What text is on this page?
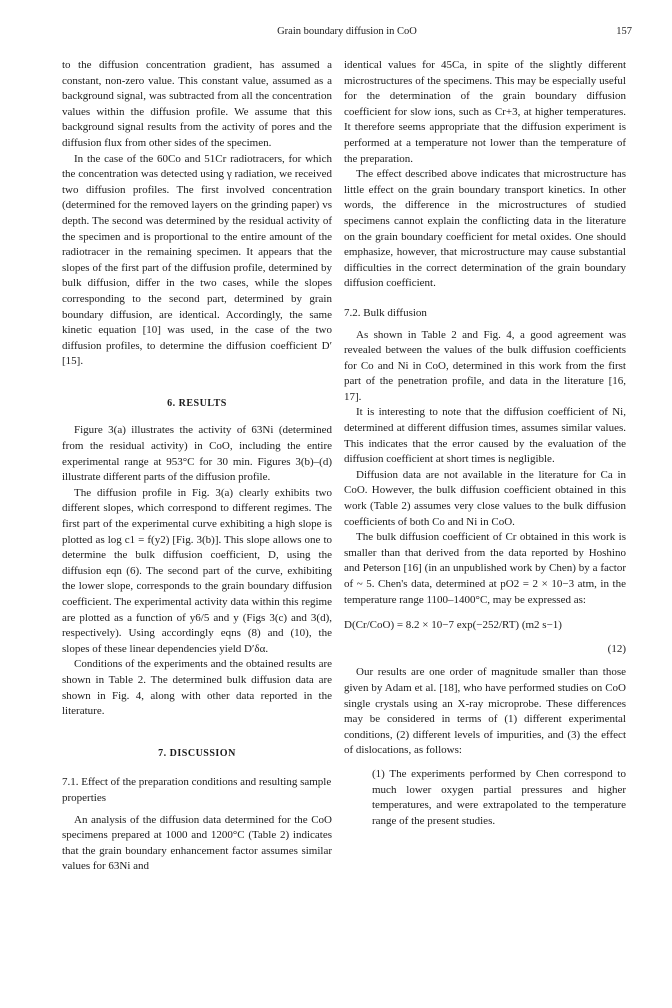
Grain boundary diffusion in CoO	157

to the diffusion concentration gradient, has assumed a constant, non-zero value. This constant value, assumed as a background signal, was subtracted from all the concentration values within the diffusion profile. We assume that this background signal results from the activity of pores and the diffusion flux from other sides of the specimen.

In the case of the 60Co and 51Cr radiotracers, for which the concentration was detected using γ radiation, we received two diffusion profiles. The first involved concentration (determined for the removed layers on the grinding paper) vs depth. The second was determined by the residual activity of the specimen and is proportional to the entire amount of the radiotracer in the remaining specimen. It appears that the slopes of the first part of the diffusion profile, determined by bulk diffusion, differ in the two cases, while the slopes corresponding to the second part, determined by grain boundary diffusion, are identical. Accordingly, the same kinetic equation [10] was used, in the case of the two diffusion profiles, to determine the diffusion coefficient D′ [15].

6. RESULTS

Figure 3(a) illustrates the activity of 63Ni (determined from the residual activity) in CoO, including the entire experimental range at 953°C for 30 min. Figures 3(b)–(d) illustrate different parts of the diffusion profile.

The diffusion profile in Fig. 3(a) clearly exhibits two different slopes, which correspond to different regimes. The first part of the experimental curve exhibiting a high slope is plotted as log c1 = f(y2) [Fig. 3(b)]. This slope allows one to determine the bulk diffusion coefficient, D, using the diffusion eqn (6). The second part of the curve, exhibiting the lower slope, corresponds to the grain boundary diffusion coefficient. The experimental activity data within this regime are plotted as a function of y6/5 and y (Figs 3(c) and 3(d), respectively). Using accordingly eqns (8) and (10), the slopes of these linear dependencies yield D′δα.

Conditions of the experiments and the obtained results are shown in Table 2. The determined bulk diffusion data are shown in Fig. 4, along with other data reported in the literature.

7. DISCUSSION

7.1. Effect of the preparation conditions and resulting sample properties

An analysis of the diffusion data determined for the CoO specimens prepared at 1000 and 1200°C (Table 2) indicates that the grain boundary enhancement factor assumes similar values for 63Ni and

identical values for 45Ca, in spite of the slightly different microstructures of the specimens. This may be especially useful for the determination of the grain boundary diffusion coefficient for slow ions, such as Cr+3, at higher temperatures. It therefore seems appropriate that the diffusion experiment is performed at a temperature not lower than the temperature of the preparation.

The effect described above indicates that microstructure has little effect on the grain boundary transport kinetics. In other words, the difference in the microstructures of studied specimens cannot explain the conflicting data in the literature on the grain boundary coefficient for metal oxides. One should emphasize, however, that microstructure may cause substantial difficulties in the correct determination of the grain boundary diffusion coefficient.

7.2. Bulk diffusion

As shown in Table 2 and Fig. 4, a good agreement was revealed between the values of the bulk diffusion coefficients for Co and Ni in CoO, determined in this work from the first part of the penetration profile, and data in the literature [16, 17].

It is interesting to note that the diffusion coefficient of Ni, determined at different diffusion times, assumes similar values. This indicates that the error caused by the evaluation of the diffusion coefficient at short times is negligible.

Diffusion data are not available in the literature for Ca in CoO. However, the bulk diffusion coefficient obtained in this work (Table 2) assumes very close values to the bulk diffusion coefficients of both Co and Ni in CoO.

The bulk diffusion coefficient of Cr obtained in this work is smaller than that derived from the data reported by Hoshino and Peterson [16] (in an unpublished work by Chen) by a factor of ~ 5. Chen's data, determined at pO2 = 2 × 10−3 atm, in the temperature range 1100–1400°C, may be expressed as:

D(Cr/CoO) = 8.2 × 10−7 exp(−252/RT) (m2 s−1)
(12)

Our results are one order of magnitude smaller than those given by Adam et al. [18], who have performed studies on CoO single crystals using an X-ray microprobe. These differences may be considered in terms of (1) different experimental conditions, (2) different levels of impurities, and (3) the effect of dislocations, as follows:

(1) The experiments performed by Chen correspond to much lower oxygen partial pressures and higher temperatures, and were extrapolated to the temperature range of the present studies.
